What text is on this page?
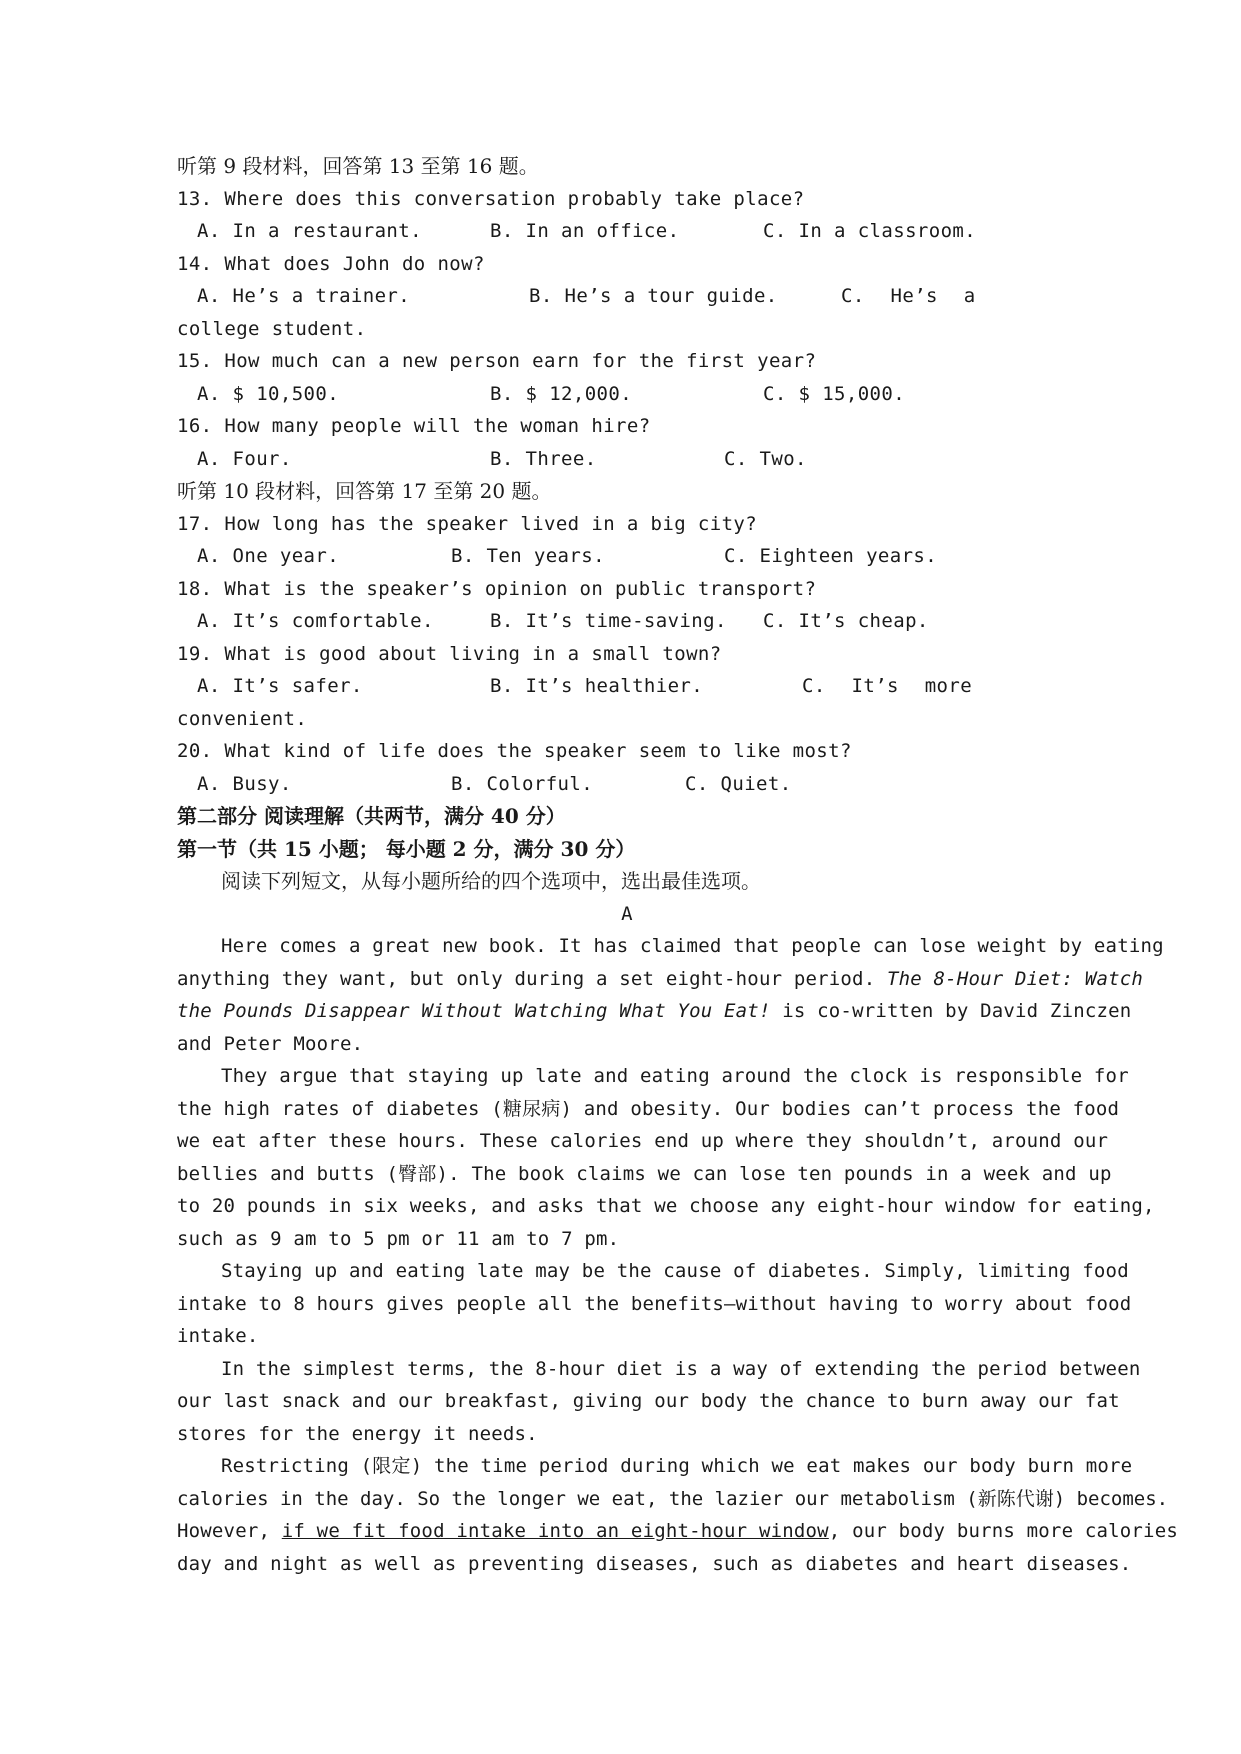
听第 9 段材料，回答第 13 至第 16 题。
13. Where does this conversation probably take place?
A. In a restaurant.	B. In an office.	C. In a classroom.
14. What does John do now?
A. He’s a trainer.	B. He’s a tour guide.	C. He’s a
college student.
15. How much can a new person earn for the first year?
A. $ 10,500.	B. $ 12,000.	C. $ 15,000.
16. How many people will the woman hire?
A. Four.	B. Three.	C. Two.
听第 10 段材料，回答第 17 至第 20 题。
17. How long has the speaker lived in a big city?
A. One year.	B. Ten years.	C. Eighteen years.
18. What is the speaker’s opinion on public transport?
A. It’s comfortable.	B. It’s time-saving. C. It’s cheap.
19. What is good about living in a small town?
A. It’s safer.	B. It’s healthier.	C. It’s more
convenient.
20. What kind of life does the speaker seem to like most?
A. Busy.	B. Colorful.	C. Quiet.
第二部分 阅读理解（共两节，满分 40 分）
第一节（共 15 小题； 每小题 2 分，满分 30 分）
阅读下列短文，从每小题所给的四个选项中，选出最佳选项。
A
Here comes a great new book. It has claimed that people can lose weight by eating
anything they want, but only during a set eight-hour period. The 8-Hour Diet: Watch
the Pounds Disappear Without Watching What You Eat! is co-written by David Zinczen
and Peter Moore.
They argue that staying up late and eating around the clock is responsible for
the high rates of diabetes (糖尿病) and obesity. Our bodies can’t process the food
we eat after these hours. These calories end up where they shouldn’t, around our
bellies and butts (臀部). The book claims we can lose ten pounds in a week and up
to 20 pounds in six weeks, and asks that we choose any eight-hour window for eating,
such as 9 am to 5 pm or 11 am to 7 pm.
Staying up and eating late may be the cause of diabetes. Simply, limiting food
intake to 8 hours gives people all the benefits—without having to worry about food
intake.
In the simplest terms, the 8-hour diet is a way of extending the period between
our last snack and our breakfast, giving our body the chance to burn away our fat
stores for the energy it needs.
Restricting (限定) the time period during which we eat makes our body burn more
calories in the day. So the longer we eat, the lazier our metabolism (新陈代谢) becomes.
However, if we fit food intake into an eight-hour window, our body burns more calories
day and night as well as preventing diseases, such as diabetes and heart diseases.
